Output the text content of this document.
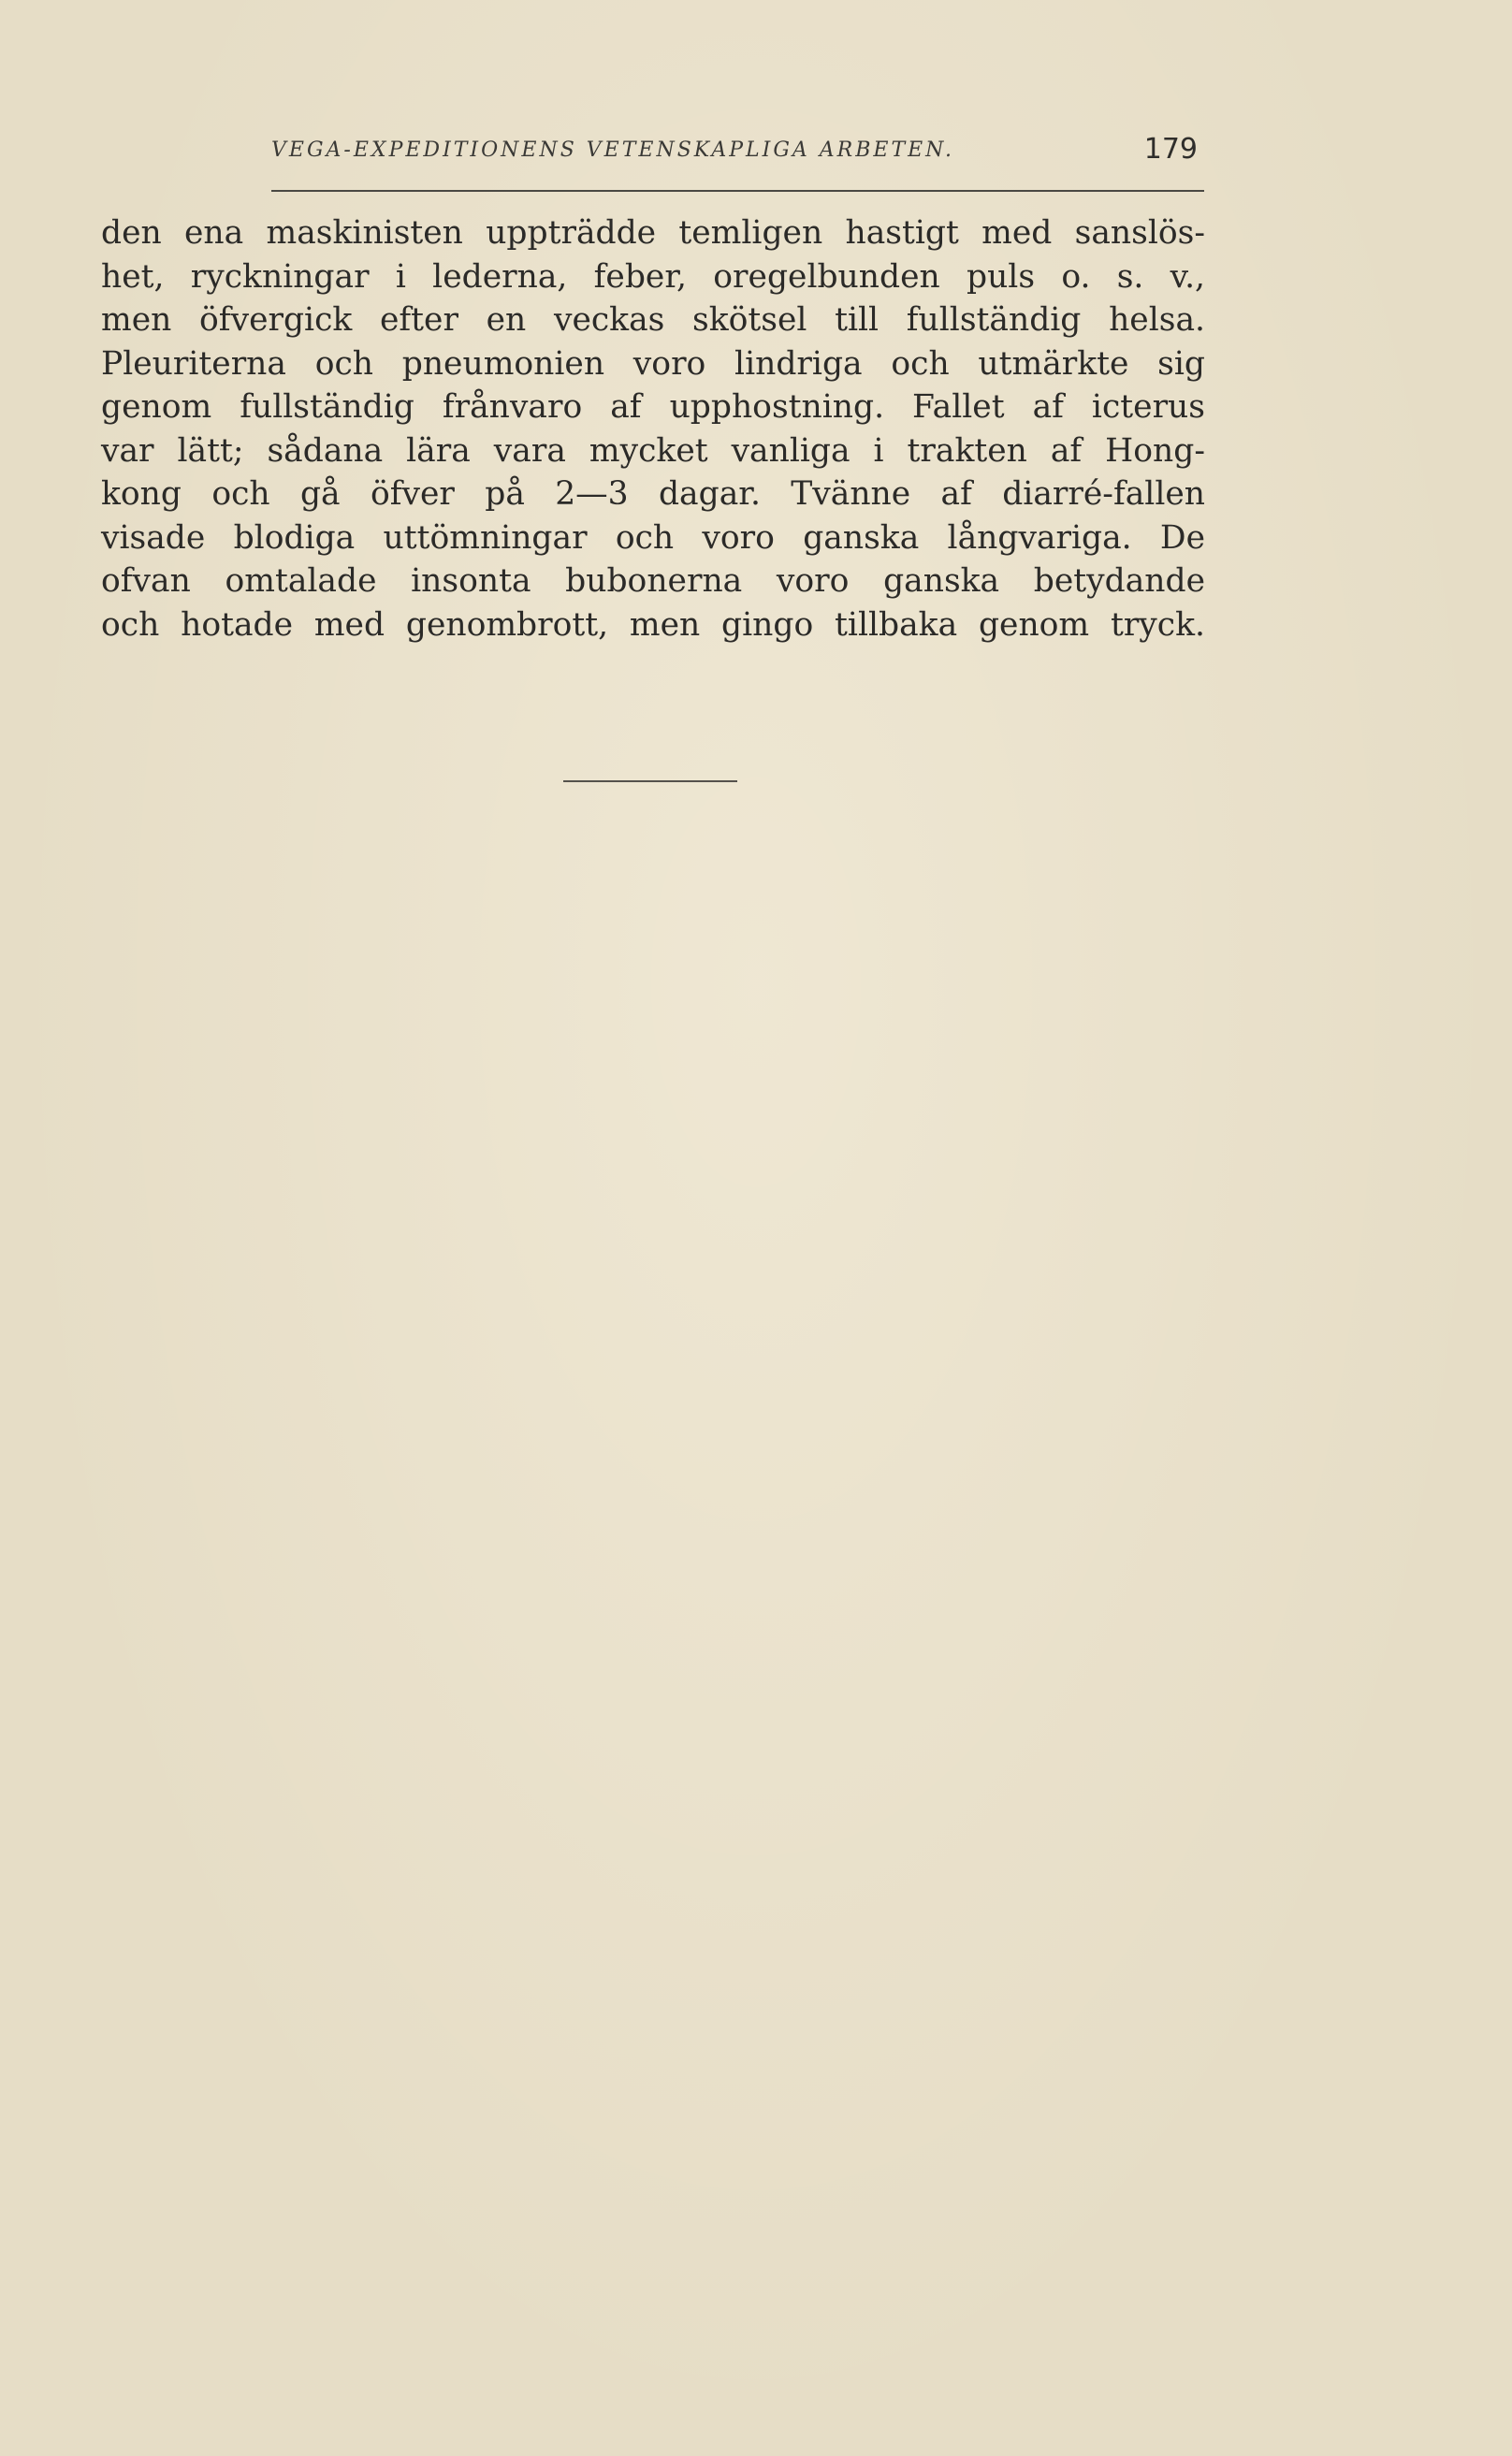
VEGA-EXPEDITIONENS VETENSKAPLIGA ARBETEN.	179
den ena maskinisten uppträdde temligen hastigt med sanslös-
het, ryckningar i lederna, feber, oregelbunden puls o. s. v.,
men öfvergick efter en veckas skötsel till fullständig helsa.
Pleuriterna och pneumonien voro lindriga och utmärkte sig
genom fullständig frånvaro af upphostning. Fallet af icterus
var lätt; sådana lära vara mycket vanliga i trakten af Hong-
kong och gå öfver på 2—3 dagar. Tvänne af diarré-fallen
visade blodiga uttömningar och voro ganska långvariga. De
ofvan omtalade insonta bubonerna voro ganska betydande
och hotade med genombrott, men gingo tillbaka genom tryck.
